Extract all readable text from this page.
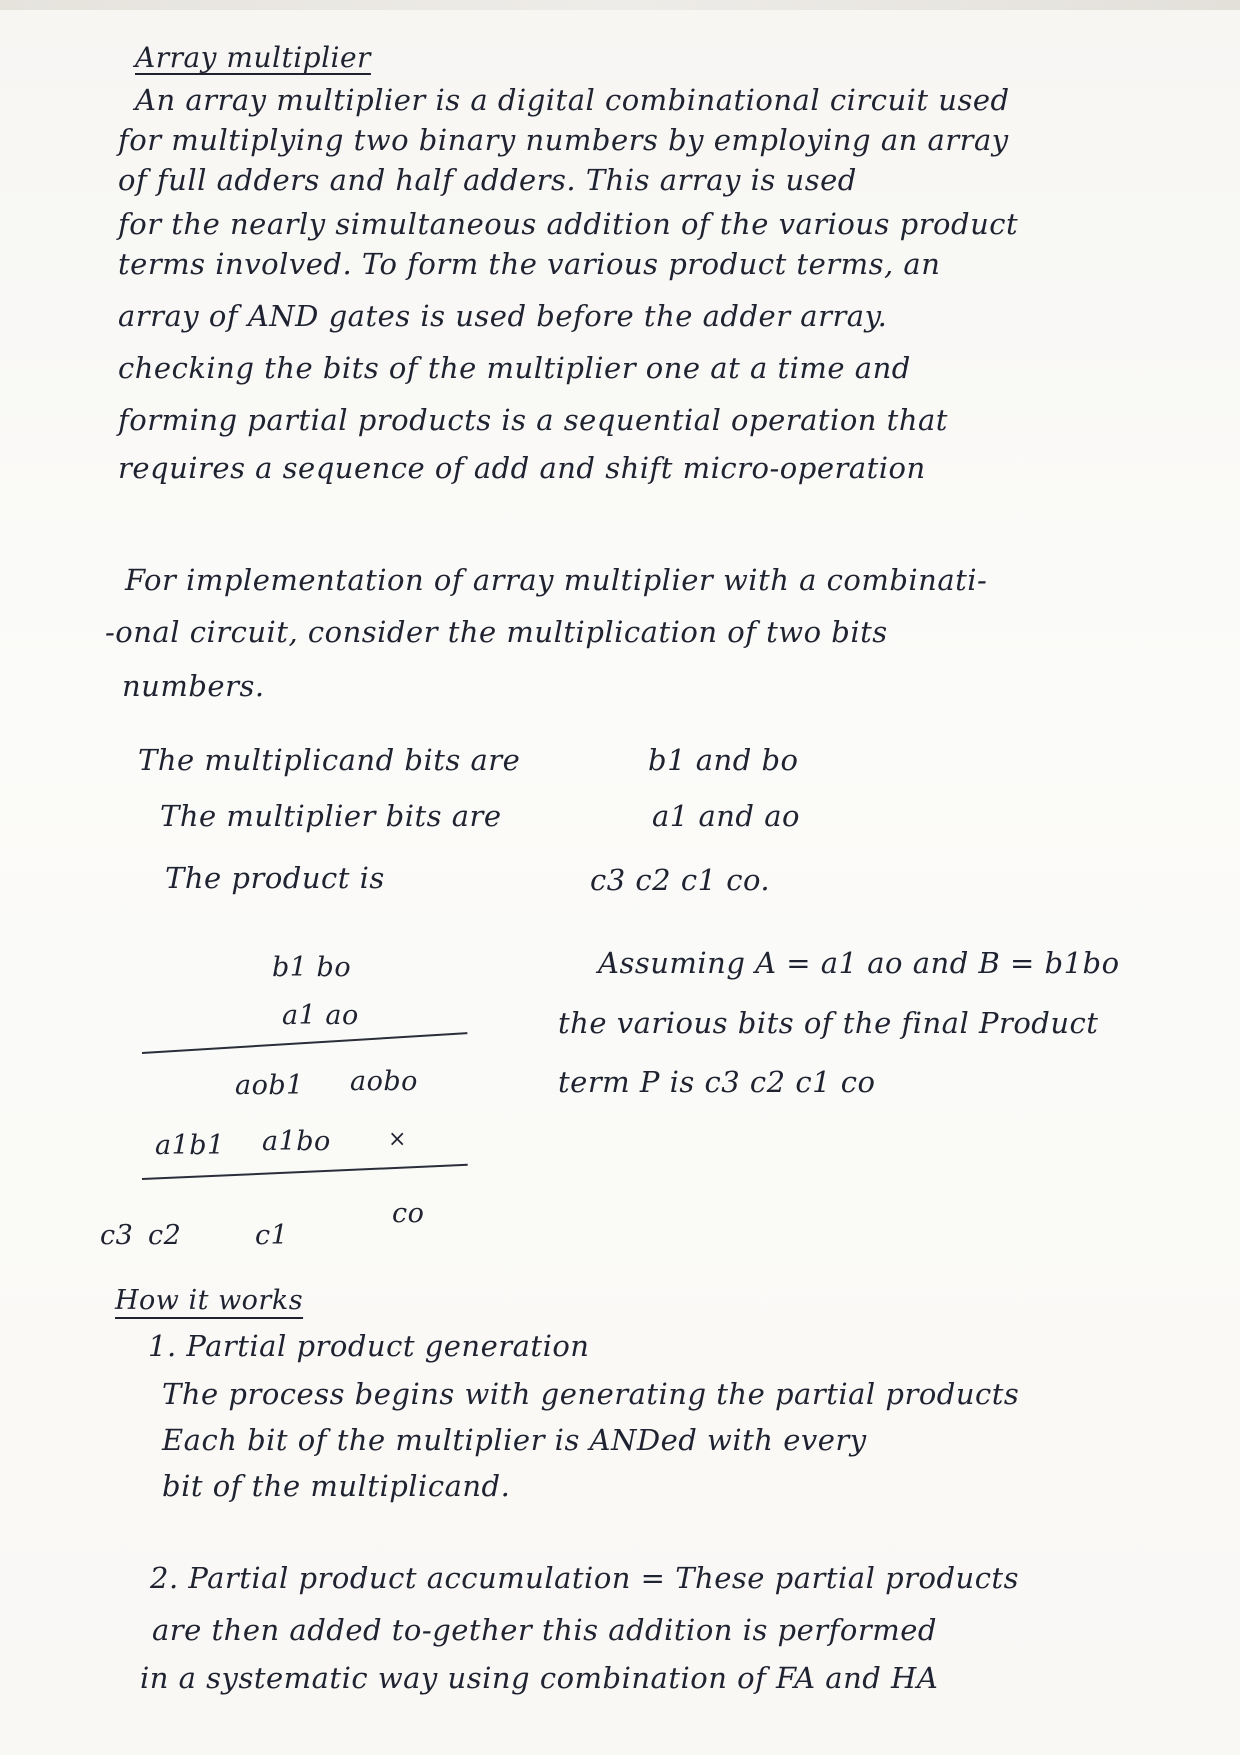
Array multiplier
An array multiplier is a digital combinational circuit used
for multiplying two binary numbers by employing an array
of full adders and half adders. This array is used
for the nearly simultaneous addition of the various product
terms involved. To form the various product terms, an
array of AND gates is used before the adder array.
checking the bits of the multiplier one at a time and
forming partial products is a sequential operation that
requires a sequence of add and shift micro-operation
For implementation of array multiplier with a combinati-
-onal circuit, consider the multiplication of two bits
numbers.
The multiplicand bits are	b1 and bo
The multiplier bits are	a1 and ao
The product is	c3 c2 c1 co.
b1 bo
a1 ao
aob1 aobo
a1b1 a1bo	×
c3 c2	c1
co
Assuming A = a1 ao and B = b1bo
the various bits of the final Product
term P is c3 c2 c1 co
How it works
1. Partial product generation
The process begins with generating the partial products
Each bit of the multiplier is ANDed with every
bit of the multiplicand.
2. Partial product accumulation = These partial products
are then added to-gether this addition is performed
in a systematic way using combination of FA and HA
